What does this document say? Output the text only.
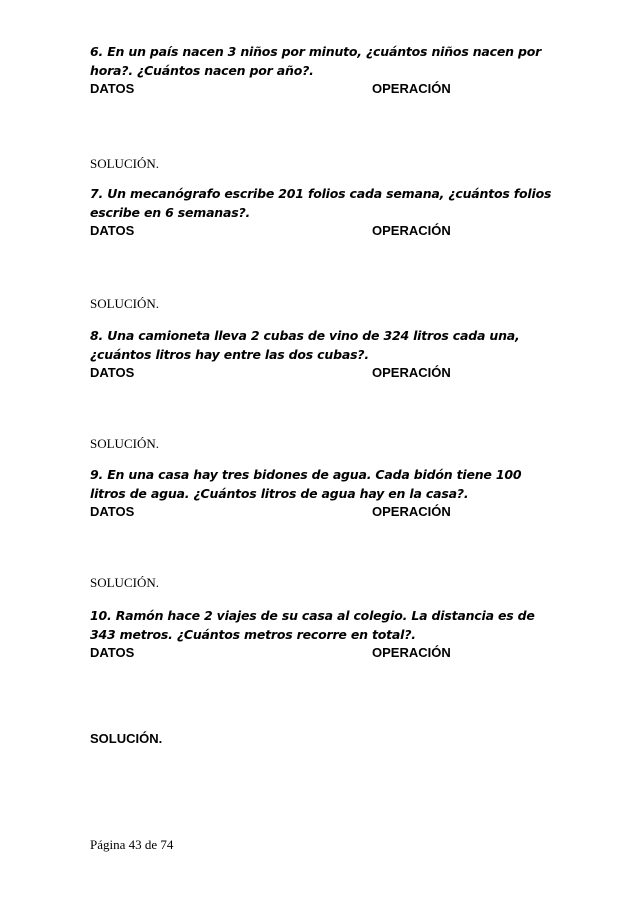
6. En un país nacen 3 niños por minuto, ¿cuántos niños nacen por hora?. ¿Cuántos nacen por año?.

DATOS	OPERACIÓN
SOLUCIÓN.

7. Un mecanógrafo escribe 201 folios cada semana, ¿cuántos folios escribe en 6 semanas?.

DATOS	OPERACIÓN
SOLUCIÓN.

8. Una camioneta lleva 2 cubas de vino de 324 litros cada una, ¿cuántos litros hay entre las dos cubas?.

DATOS	OPERACIÓN
SOLUCIÓN.

9. En una casa hay tres bidones de agua. Cada bidón tiene 100 litros de agua. ¿Cuántos litros de agua hay en la casa?.

DATOS	OPERACIÓN
SOLUCIÓN.

10. Ramón hace 2 viajes de su casa al colegio. La distancia es de 343 metros. ¿Cuántos metros recorre en total?.

DATOS	OPERACIÓN
SOLUCIÓN.
Página 43 de 74
